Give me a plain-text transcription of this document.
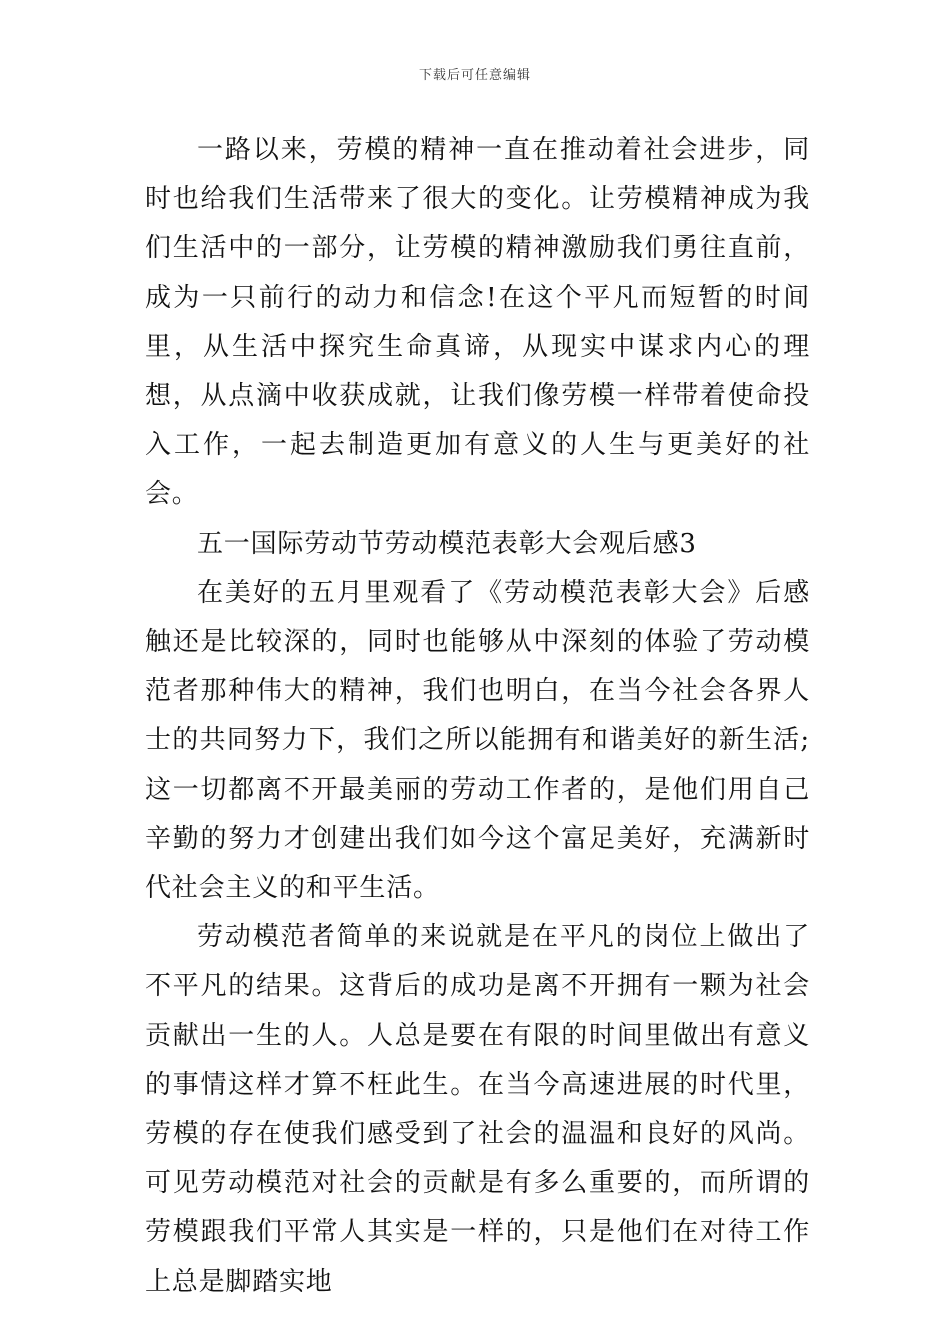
下载后可任意编辑

一路以来，劳模的精神一直在推动着社会进步，同时也给我们生活带来了很大的变化。让劳模精神成为我们生活中的一部分，让劳模的精神激励我们勇往直前，成为一只前行的动力和信念!在这个平凡而短暂的时间里，从生活中探究生命真谛，从现实中谋求内心的理想，从点滴中收获成就，让我们像劳模一样带着使命投入工作，一起去制造更加有意义的人生与更美好的社会。

五一国际劳动节劳动模范表彰大会观后感3

在美好的五月里观看了《劳动模范表彰大会》后感触还是比较深的，同时也能够从中深刻的体验了劳动模范者那种伟大的精神，我们也明白，在当今社会各界人士的共同努力下，我们之所以能拥有和谐美好的新生活;这一切都离不开最美丽的劳动工作者的，是他们用自己辛勤的努力才创建出我们如今这个富足美好，充满新时代社会主义的和平生活。

劳动模范者简单的来说就是在平凡的岗位上做出了不平凡的结果。这背后的成功是离不开拥有一颗为社会贡献出一生的人。人总是要在有限的时间里做出有意义的事情这样才算不枉此生。在当今高速进展的时代里，劳模的存在使我们感受到了社会的温温和良好的风尚。可见劳动模范对社会的贡献是有多么重要的，而所谓的劳模跟我们平常人其实是一样的，只是他们在对待工作上总是脚踏实地
